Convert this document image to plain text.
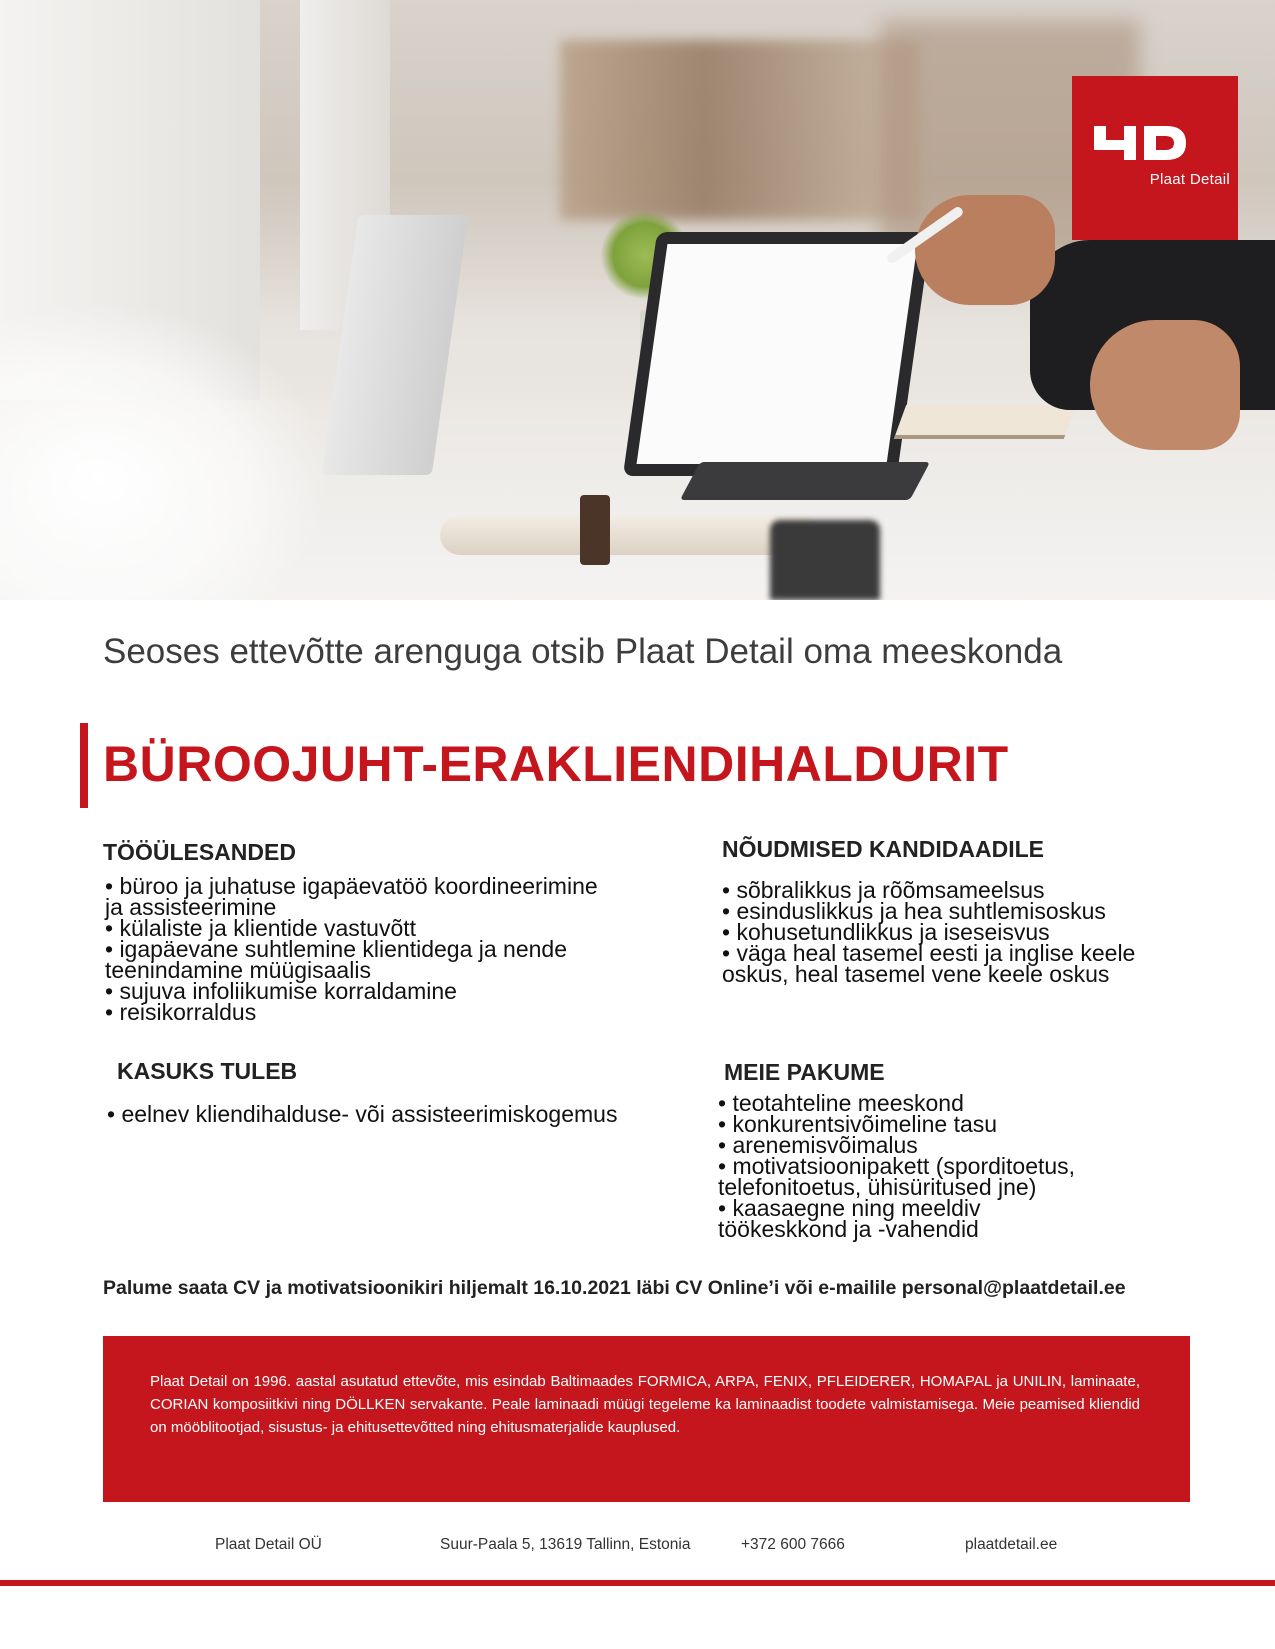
Plaat Detail
Seoses ettevõtte arenguga otsib Plaat Detail oma meeskonda
BÜROOJUHT-ERAKLIENDIHALDURIT
TÖÖÜLESANDED
• büroo ja juhatuse igapäevatöö koordineerimine
ja assisteerimine
• külaliste ja klientide vastuvõtt
• igapäevane suhtlemine klientidega ja nende
teenindamine müügisaalis
• sujuva infoliikumise korraldamine
• reisikorraldus
NÕUDMISED KANDIDAADILE
• sõbralikkus ja rõõmsameelsus
• esinduslikkus ja hea suhtlemisoskus
• kohusetundlikkus ja iseseisvus
• väga heal tasemel eesti ja inglise keele
oskus, heal tasemel vene keele oskus
KASUKS TULEB
• eelnev kliendihalduse- või assisteerimiskogemus
MEIE PAKUME
• teotahteline meeskond
• konkurentsivõimeline tasu
• arenemisvõimalus
• motivatsioonipakett (sporditoetus,
telefonitoetus, ühisüritused jne)
• kaasaegne ning meeldiv
töökeskkond ja -vahendid
Palume saata CV ja motivatsioonikiri hiljemalt 16.10.2021 läbi CV Online’i või e-mailile personal@plaatdetail.ee

Plaat Detail on 1996. aastal asutatud ettevõte, mis esindab Baltimaades FORMICA, ARPA, FENIX, PFLEIDERER, HOMAPAL ja UNILIN, laminaate, CORIAN komposiitkivi ning DÖLLKEN servakante. Peale laminaadi müügi tegeleme ka laminaadist toodete valmistamisega. Meie peamised kliendid on mööblitootjad, sisustus- ja ehitusettevõtted ning ehitusmaterjalide kauplused.

Plaat Detail OÜ	Suur-Paala 5, 13619 Tallinn, Estonia	+372 600 7666	plaatdetail.ee
